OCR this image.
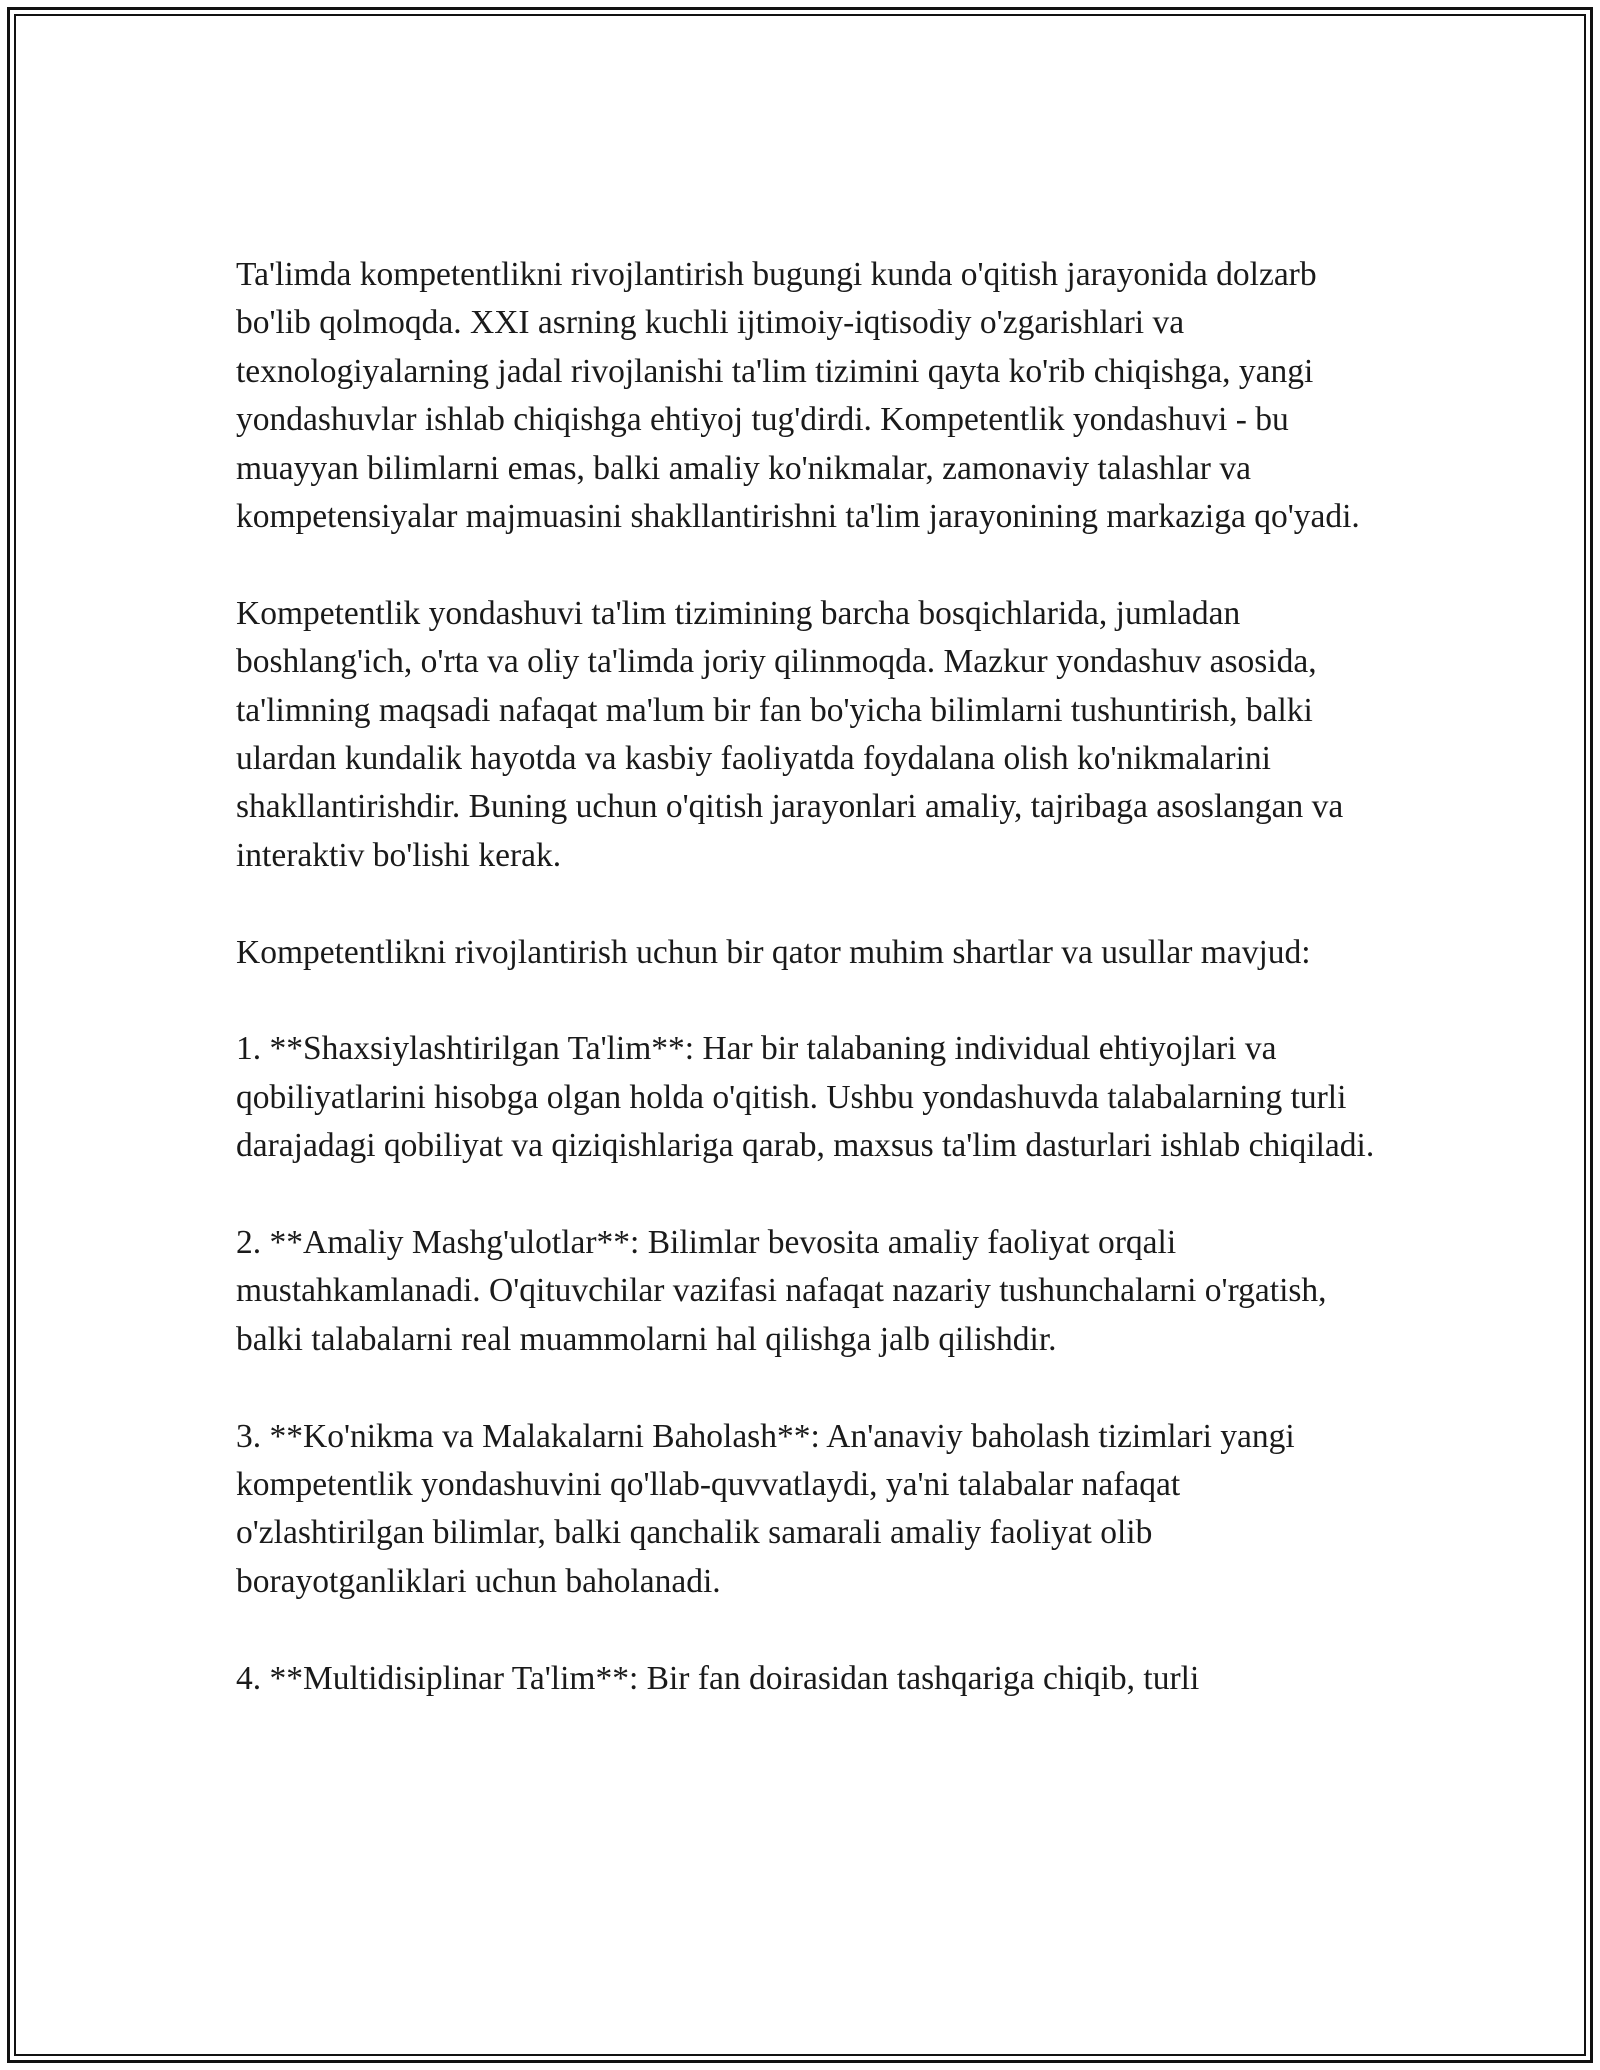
Ta'limda kompetentlikni rivojlantirish bugungi kunda o'qitish jarayonida dolzarb bo'lib qolmoqda. XXI asrning kuchli ijtimoiy-iqtisodiy o'zgarishlari va texnologiyalarning jadal rivojlanishi ta'lim tizimini qayta ko'rib chiqishga, yangi yondashuvlar ishlab chiqishga ehtiyoj tug'dirdi. Kompetentlik yondashuvi - bu muayyan bilimlarni emas, balki amaliy ko'nikmalar, zamonaviy talashlar va kompetensiyalar majmuasini shakllantirishni ta'lim jarayonining markaziga qo'yadi.

Kompetentlik yondashuvi ta'lim tizimining barcha bosqichlarida, jumladan boshlang'ich, o'rta va oliy ta'limda joriy qilinmoqda. Mazkur yondashuv asosida, ta'limning maqsadi nafaqat ma'lum bir fan bo'yicha bilimlarni tushuntirish, balki ulardan kundalik hayotda va kasbiy faoliyatda foydalana olish ko'nikmalarini shakllantirishdir. Buning uchun o'qitish jarayonlari amaliy, tajribaga asoslangan va interaktiv bo'lishi kerak.

Kompetentlikni rivojlantirish uchun bir qator muhim shartlar va usullar mavjud:

1. **Shaxsiylashtirilgan Ta'lim**: Har bir talabaning individual ehtiyojlari va qobiliyatlarini hisobga olgan holda o'qitish. Ushbu yondashuvda talabalarning turli darajadagi qobiliyat va qiziqishlariga qarab, maxsus ta'lim dasturlari ishlab chiqiladi.

2. **Amaliy Mashg'ulotlar**: Bilimlar bevosita amaliy faoliyat orqali mustahkamlanadi. O'qituvchilar vazifasi nafaqat nazariy tushunchalarni o'rgatish, balki talabalarni real muammolarni hal qilishga jalb qilishdir.

3. **Ko'nikma va Malakalarni Baholash**: An'anaviy baholash tizimlari yangi kompetentlik yondashuvini qo'llab-quvvatlaydi, ya'ni talabalar nafaqat o'zlashtirilgan bilimlar, balki qanchalik samarali amaliy faoliyat olib borayotganliklari uchun baholanadi.

4. **Multidisiplinar Ta'lim**: Bir fan doirasidan tashqariga chiqib, turli
